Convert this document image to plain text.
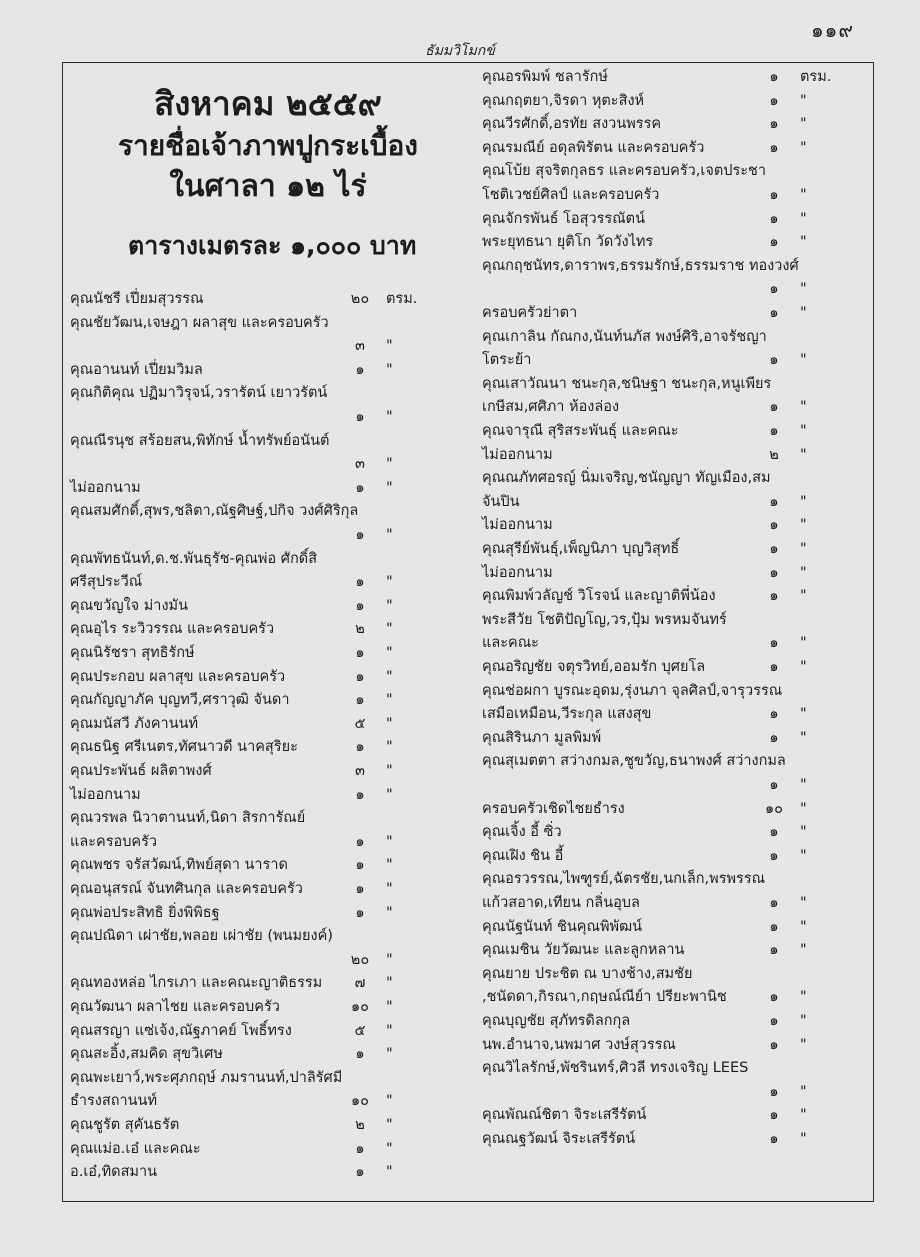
๑๑๙
ธัมมวิโมกข์
สิงหาคม ๒๕๕๙
รายชื่อเจ้าภาพปูกระเบื้อง
ในศาลา ๑๒ ไร่
ตารางเมตรละ ๑,๐๐๐ บาท
คุณนัชรี เปี่ยมสุวรรณ	๒๐	ตรม.
คุณชัยวัฒน,เจษฎา ผลาสุข และครอบครัว
๓	"
คุณอานนท์ เปี่ยมวิมล	๑	"
คุณกิติคุณ ปฏิมาวิรุจน์,วรารัตน์ เยาวรัตน์
๑	"
คุณณีรนุช สร้อยสน,พิทักษ์ น้ำทรัพย์อนันต์
๓	"
ไม่ออกนาม	๑	"
คุณสมศักดิ์,สุพร,ชลิตา,ณัฐศิษฐ์,ปกิจ วงศ์ศิริกุล
๑	"
คุณพัทธนันท์,ด.ช.พันธุรัช-คุณพ่อ ศักดิ์สิ
ศรีสุประวีณ์	๑	"
คุณขวัญใจ ม่างมัน	๑	"
คุณอุไร ระวิวรรณ และครอบครัว	๒	"
คุณนิรัชรา สุทธิรักษ์	๑	"
คุณประกอบ ผลาสุข และครอบครัว	๑	"
คุณกัญญาภัค บุญทวี,ศราวุฒิ จันดา	๑	"
คุณมนัสวี ภังคานนท์	๕	"
คุณธนิฐ ศรีเนตร,ทัศนาวดี นาคสุริยะ	๑	"
คุณประพันธ์ ผลิตาพงศ์	๓	"
ไม่ออกนาม	๑	"
คุณวรพล นิวาตานนท์,นิดา สิรการัณย์
และครอบครัว	๑	"
คุณพชร จรัสวัฒน์,ทิพย์สุดา นาราด	๑	"
คุณอนุสรณ์ จันทศินกุล และครอบครัว	๑	"
คุณพ่อประสิทธิ ยิ่งพิพิธฐ	๑	"
คุณปณิดา เผ่าชัย,พลอย เผ่าชัย (พนมยงค์)
๒๐	"
คุณทองหล่อ ไกรเภา และคณะญาติธรรม	๗	"
คุณวัฒนา ผลาไชย และครอบครัว	๑๐	"
คุณสรญา แซ่เจ้ง,ณัฐภาคย์ โพธิ์ทรง	๕	"
คุณสะอิ้ง,สมคิด สุขวิเศษ	๑	"
คุณพะเยาว์,พระศุภกฤษ์ ภมรานนท์,ปาลิรัศมี
ธำรงสถานนท์	๑๐	"
คุณชูรัต สุคันธรัต	๒	"
คุณแม่อ.เอ๋ และคณะ	๑	"
อ.เอ๋,ทิดสมาน	๑	"
คุณอรพิมพ์ ชลารักษ์	๑	ตรม.
คุณกฤตยา,จิรดา หุตะสิงห์	๑	"
คุณวีรศักดิ์,อรทัย สงวนพรรค	๑	"
คุณรมณีย์ อดุลพิรัตน และครอบครัว	๑	"
คุณโบ้ย สุจริตกุลธร และครอบครัว,เจตประชา
โชติเวชย์ศิลป์ และครอบครัว	๑	"
คุณจักรพันธ์ โอสุวรรณัตน์	๑	"
พระยุทธนา ยุติโก วัดวังไทร	๑	"
คุณกฤชนัทร,ดาราพร,ธรรมรักษ์,ธรรมราช ทองวงศ์
๑	"
ครอบครัวย่าตา	๑	"
คุณเกาลิน กัณกง,นันท์นภัส พงษ์ศิริ,อาจรัชญา
โตระย้า	๑	"
คุณเสาวัณนา ชนะกุล,ชนิษฐา ชนะกุล,หนูเพียร
เกษีสม,ศศิภา ห้องล่อง	๑	"
คุณจารุณี สุริสระพันธุ์ และคณะ	๑	"
ไม่ออกนาม	๒	"
คุณณภัทศอรญ์ นิ่มเจริญ,ชนัญญา ทัญเมือง,สม
จันปิน	๑	"
ไม่ออกนาม	๑	"
คุณสุรีย์พันธุ์,เพ็ญนิภา บุญวิสุทธิ์	๑	"
ไม่ออกนาม	๑	"
คุณพิมพ์วลัญช์ วิโรจน์ และญาติพี่น้อง	๑	"
พระสีวัย โชติปัญโญ,วร,ปุ้ม พรหมจันทร์
และคณะ	๑	"
คุณอริญชัย จตุรวิทย์,ออมรัก บุศยโล	๑	"
คุณช่อผกา บูรณะอุดม,รุ่งนภา จุลศิลป์,จารุวรรณ
เสมือเหมือน,วีระกุล แสงสุข	๑	"
คุณสิรินภา มูลพิมพ์	๑	"
คุณสุเมตตา สว่างกมล,ชูขวัญ,ธนาพงศ์ สว่างกมล
๑	"
ครอบครัวเชิดไชยธำรง	๑๐	"
คุณเจิ้ง อี้ ซิ่ว	๑	"
คุณเฝิง ชิน อี้	๑	"
คุณอรวรรณ,ไพฑูรย์,ฉัตรชัย,นกเล็ก,พรพรรณ
แก้วสอาด,เทียน กลิ่นอุบล	๑	"
คุณนัฐนันท์ ชินคุณพิพัฒน์	๑	"
คุณเมชิน วัยวัฒนะ และลูกหลาน	๑	"
คุณยาย ประชิต ณ บางช้าง,สมชัย
,ชนัดดา,กิรณา,กฤษณ์ณีย์า ปรียะพานิช	๑	"
คุณบุญชัย สุภัทรดิลกกุล	๑	"
นพ.อำนาจ,นพมาศ วงษ์สุวรรณ	๑	"
คุณวิไลรักษ์,พัชรินทร์,ศิวลี ทรงเจริญ LEES
๑	"
คุณพัณณ์ชิตา จิระเสรีรัตน์	๑	"
คุณณฐวัฒน์ จิระเสรีรัตน์	๑	"
